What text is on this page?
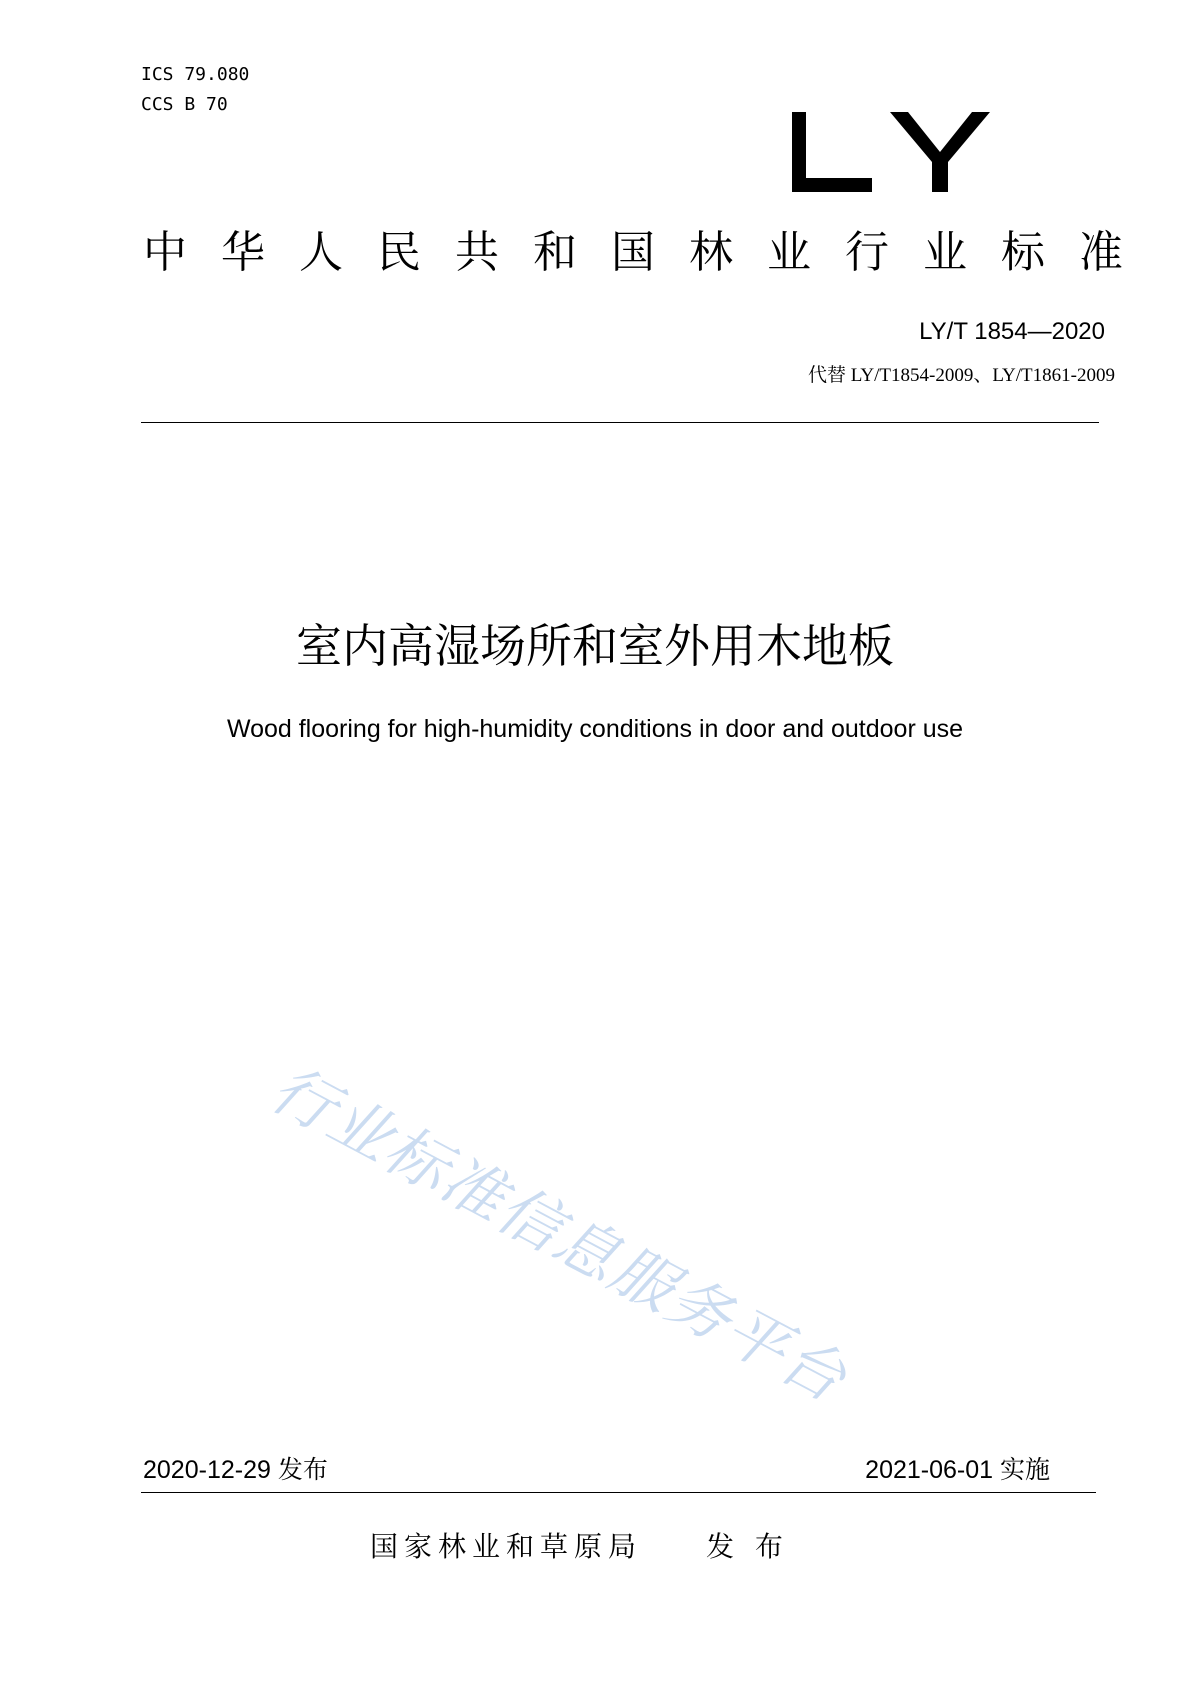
ICS 79.080
CCS B 70
中 华 人 民 共 和 国 林 业 行 业 标 准
LY/T 1854—2020
代替 LY/T1854-2009、LY/T1861-2009
室内高湿场所和室外用木地板
Wood flooring for high-humidity conditions in door and outdoor use
行业标准信息服务平台
2020-12-29 发布	2021-06-01 实施
国家林业和草原局 发 布
